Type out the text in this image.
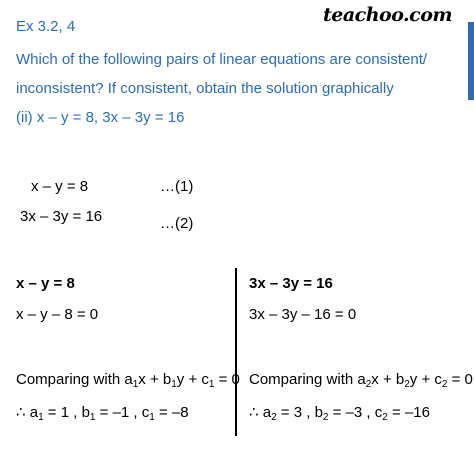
Ex 3.2, 4
teachoo.com
Which of the following pairs of linear equations are consistent/
inconsistent? If consistent, obtain the solution graphically
(ii) x – y = 8, 3x – 3y = 16
x – y = 8	…(1)
3x – 3y = 16	…(2)
x – y = 8
x – y – 8 = 0
Comparing with $a_1x + b_1y + c_1 = 0$
∴ $a_1 = 1$ , $b_1 = -1$ , $c_1 = -8$
3x – 3y = 16
3x – 3y – 16 = 0
Comparing with $a_2x + b_2y + c_2 = 0$
∴ $a_2 = 3$ , $b_2 = -3$ , $c_2 = -16$
